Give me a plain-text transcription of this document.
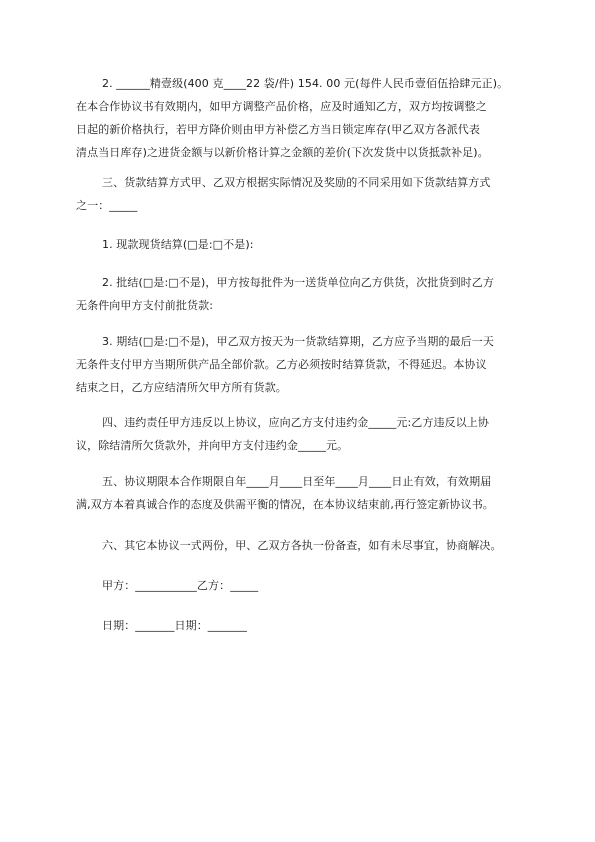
2. ______精壹级(400 克____22 袋/件) 154. 00 元(每件人民币壹佰伍拾肆元正)。
在本合作协议书有效期内，如甲方调整产品价格，应及时通知乙方，双方均按调整之
日起的新价格执行，若甲方降价则由甲方补偿乙方当日锁定库存(甲乙双方各派代表
清点当日库存)之进货金额与以新价格计算之金额的差价(下次发货中以货抵款补足)。
三、货款结算方式甲、乙双方根据实际情况及奖励的不同采用如下货款结算方式
之一：_____
1. 现款现货结算(□是:□不是):
2. 批结(□是:□不是)，甲方按每批件为一送货单位向乙方供货，次批货到时乙方
无条件向甲方支付前批货款:
3. 期结(□是:□不是)，甲乙双方按天为一货款结算期，乙方应予当期的最后一天
无条件支付甲方当期所供产品全部价款。乙方必须按时结算货款，不得延迟。本协议
结束之日，乙方应结清所欠甲方所有货款。
四、违约责任甲方违反以上协议，应向乙方支付违约金_____元:乙方违反以上协
议，除结清所欠货款外，并向甲方支付违约金_____元。
五、协议期限本合作期限自年____月____日至年____月____日止有效，有效期届
满,双方本着真诚合作的态度及供需平衡的情况，在本协议结束前,再行签定新协议书。
六、其它本协议一式两份，甲、乙双方各执一份备查，如有未尽事宜，协商解决。
甲方：___________乙方：_____
日期：_______日期：_______
